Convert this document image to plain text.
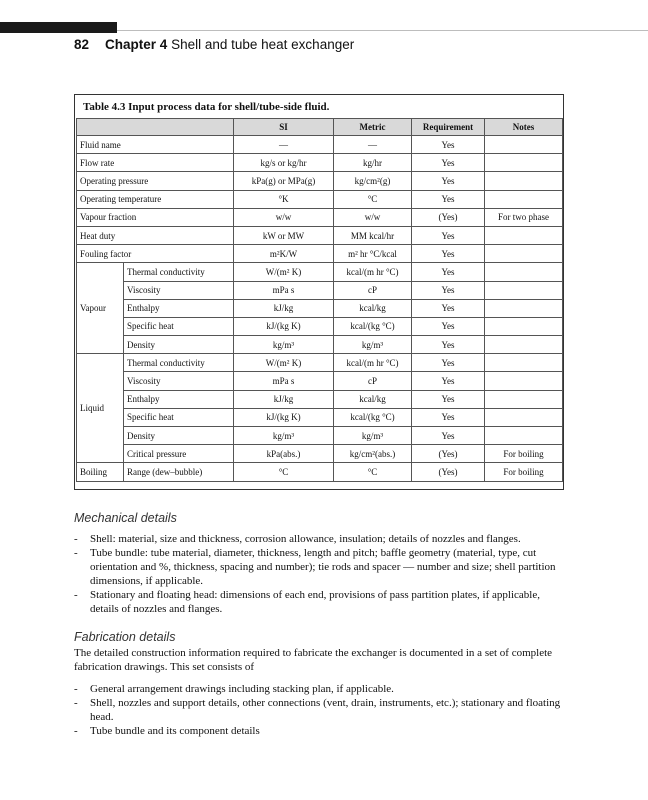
82 Chapter 4 Shell and tube heat exchanger
Table 4.3 Input process data for shell/tube-side fluid.
		SI	Metric	Requirement	Notes
Fluid name		—	—	Yes	
Flow rate		kg/s or kg/hr	kg/hr	Yes	
Operating pressure		kPa(g) or MPa(g)	kg/cm²(g)	Yes	
Operating temperature		°K	°C	Yes	
Vapour fraction		w/w	w/w	(Yes)	For two phase
Heat duty		kW or MW	MM kcal/hr	Yes	
Fouling factor		m²K/W	m² hr °C/kcal	Yes	
Vapour	Thermal conductivity	W/(m² K)	kcal/(m hr °C)	Yes	
	Viscosity	mPa s	cP	Yes	
	Enthalpy	kJ/kg	kcal/kg	Yes	
	Specific heat	kJ/(kg K)	kcal/(kg °C)	Yes	
	Density	kg/m³	kg/m³	Yes	
Liquid	Thermal conductivity	W/(m² K)	kcal/(m hr °C)	Yes	
	Viscosity	mPa s	cP	Yes	
	Enthalpy	kJ/kg	kcal/kg	Yes	
	Specific heat	kJ/(kg K)	kcal/(kg °C)	Yes	
	Density	kg/m³	kg/m³	Yes	
	Critical pressure	kPa(abs.)	kg/cm²(abs.)	(Yes)	For boiling
Boiling	Range (dew–bubble)	°C	°C	(Yes)	For boiling
Mechanical details
- Shell: material, size and thickness, corrosion allowance, insulation; details of nozzles and flanges.
- Tube bundle: tube material, diameter, thickness, length and pitch; baffle geometry (material, type, cut orientation and %, thickness, spacing and number); tie rods and spacer — number and size; shell partition dimensions, if applicable.
- Stationary and floating head: dimensions of each end, provisions of pass partition plates, if applicable, details of nozzles and flanges.
Fabrication details
The detailed construction information required to fabricate the exchanger is documented in a set of complete fabrication drawings. This set consists of
- General arrangement drawings including stacking plan, if applicable.
- Shell, nozzles and support details, other connections (vent, drain, instruments, etc.); stationary and floating head.
- Tube bundle and its component details
